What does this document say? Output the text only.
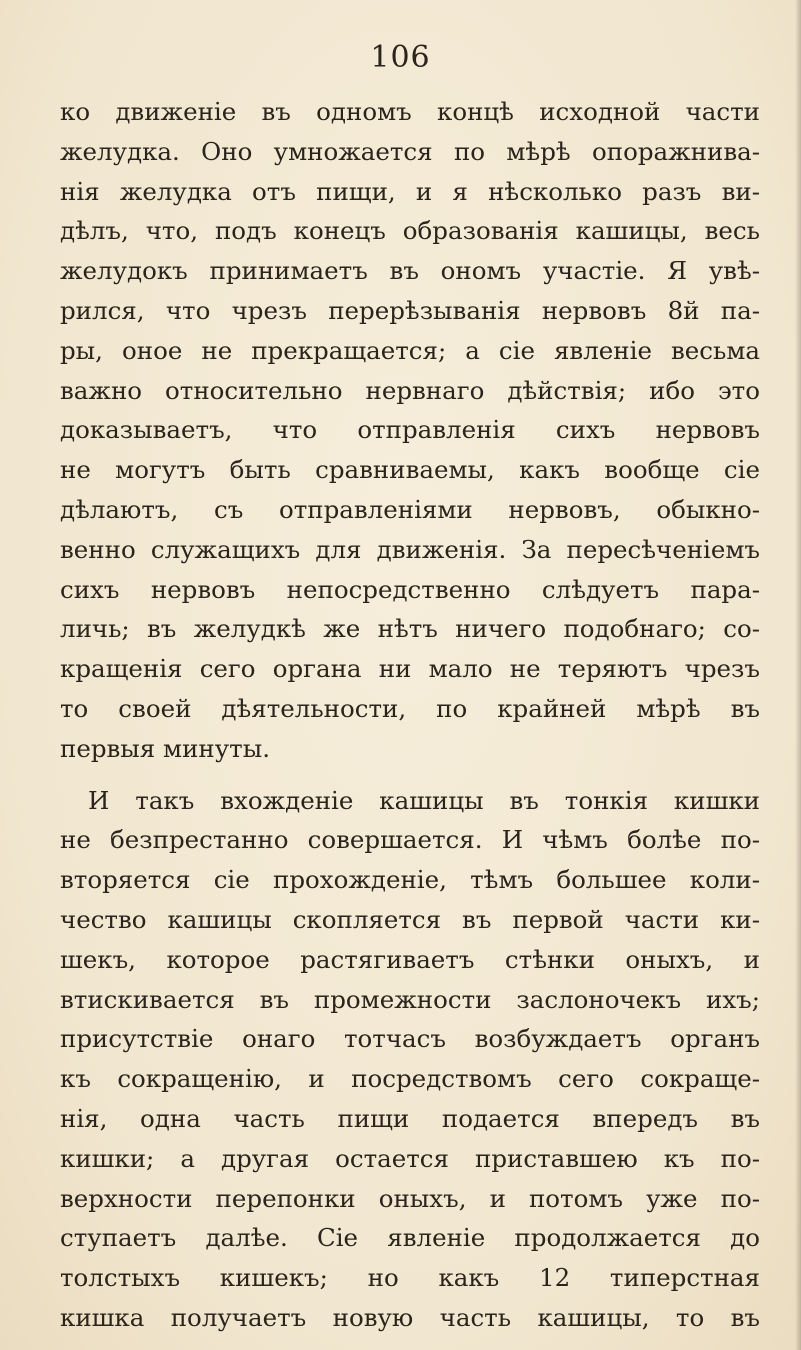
106
ко движеніе въ одномъ концѣ исходной части
желудка. Оно умножается по мѣрѣ опоражнива-
нія желудка отъ пищи, и я нѣсколько разъ ви-
дѣлъ, что, подъ конецъ образованія кашицы, весь
желудокъ принимаетъ въ ономъ участіе. Я увѣ-
рился, что чрезъ перерѣзыванія нервовъ 8й па-
ры, оное не прекращается; а сіе явленіе весьма
важно относительно нервнаго дѣйствія; ибо это
доказываетъ, что отправленія сихъ нервовъ
не могутъ быть сравниваемы, какъ вообще сіе
дѣлаютъ, съ отправленіями нервовъ, обыкно-
венно служащихъ для движенія. За пересѣченіемъ
сихъ нервовъ непосредственно слѣдуетъ пара-
личь; въ желудкѣ же нѣтъ ничего подобнаго; со-
кращенія сего органа ни мало не теряютъ чрезъ
то своей дѣятельности, по крайней мѣрѣ въ
первыя минуты.
И такъ вхожденіе кашицы въ тонкія кишки
не безпрестанно совершается. И чѣмъ болѣе по-
вторяется сіе прохожденіе, тѣмъ большее коли-
чество кашицы скопляется въ первой части ки-
шекъ, которое растягиваетъ стѣнки оныхъ, и
втискивается въ промежности заслоночекъ ихъ;
присутствіе онаго тотчасъ возбуждаетъ органъ
къ сокращенію, и посредствомъ сего сокраще-
нія, одна часть пищи подается впередъ въ
кишки; а другая остается приставшею къ по-
верхности перепонки оныхъ, и потомъ уже по-
ступаетъ далѣе. Сіе явленіе продолжается до
толстыхъ кишекъ; но какъ 12 типерстная
кишка получаетъ новую часть кашицы, то въ
